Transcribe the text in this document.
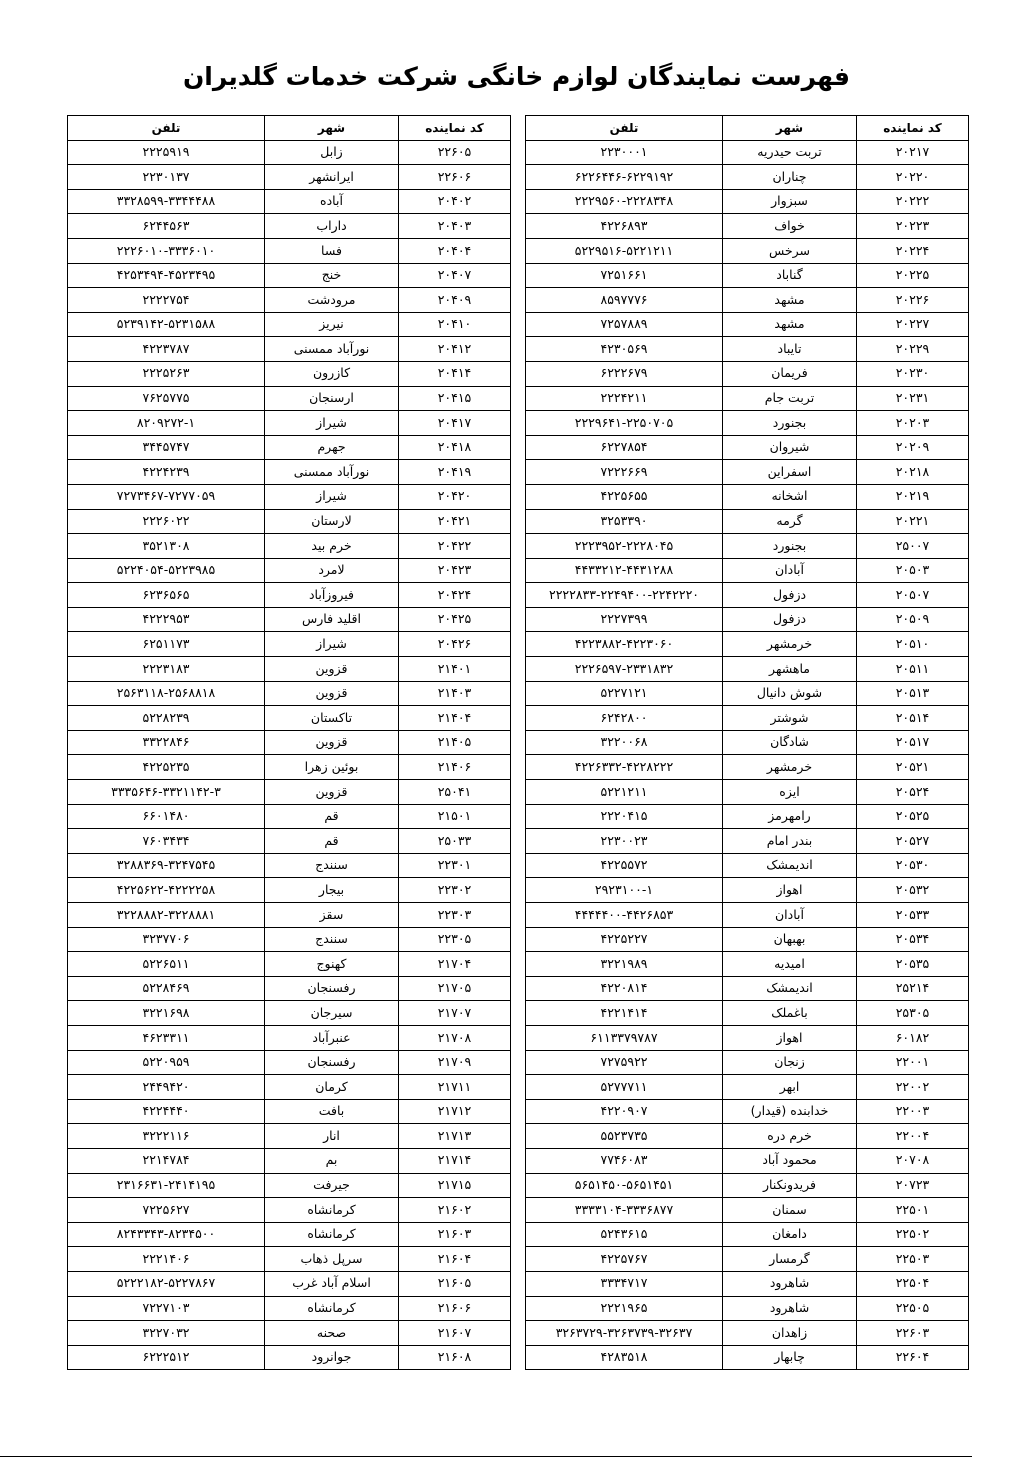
فهرست نمایندگان لوازم خانگی شرکت خدمات گلدیران
کد نماینده	شهر	تلفن
۲۰۲۱۷	تربت حیدریه	۲۲۳۰۰۰۱
۲۰۲۲۰	چناران	۶۲۲۶۴۴۶-۶۲۲۹۱۹۲
۲۰۲۲۲	سبزوار	۲۲۲۹۵۶۰-۲۲۲۸۳۴۸
۲۰۲۲۳	خواف	۴۲۲۶۸۹۳
۲۰۲۲۴	سرخس	۵۲۲۹۵۱۶-۵۲۲۱۲۱۱
۲۰۲۲۵	گناباد	۷۲۵۱۶۶۱
۲۰۲۲۶	مشهد	۸۵۹۷۷۷۶
۲۰۲۲۷	مشهد	۷۲۵۷۸۸۹
۲۰۲۲۹	تایباد	۴۲۳۰۵۶۹
۲۰۲۳۰	فریمان	۶۲۲۲۶۷۹
۲۰۲۳۱	تربت جام	۲۲۲۴۲۱۱
۲۰۲۰۳	بجنورد	۲۲۲۹۶۴۱-۲۲۵۰۷۰۵
۲۰۲۰۹	شیروان	۶۲۲۷۸۵۴
۲۰۲۱۸	اسفراین	۷۲۲۲۶۶۹
۲۰۲۱۹	اشخانه	۴۲۲۵۶۵۵
۲۰۲۲۱	گرمه	۳۲۵۳۳۹۰
۲۵۰۰۷	بجنورد	۲۲۲۳۹۵۲-۲۲۲۸۰۴۵
۲۰۵۰۳	آبادان	۴۴۳۳۲۱۲-۴۴۳۱۲۸۸
۲۰۵۰۷	دزفول	۲۲۲۲۸۳۳-۲۲۴۹۴۰۰-۲۲۴۲۲۲۰
۲۰۵۰۹	دزفول	۲۲۲۷۳۹۹
۲۰۵۱۰	خرمشهر	۴۲۲۳۸۸۲-۴۲۲۳۰۶۰
۲۰۵۱۱	ماهشهر	۲۲۲۶۵۹۷-۲۳۳۱۸۳۲
۲۰۵۱۳	شوش دانیال	۵۲۲۷۱۲۱
۲۰۵۱۴	شوشتر	۶۲۴۲۸۰۰
۲۰۵۱۷	شادگان	۳۲۲۰۰۶۸
۲۰۵۲۱	خرمشهر	۴۲۲۶۳۳۲-۴۲۲۸۲۲۲
۲۰۵۲۴	ایزه	۵۲۲۱۲۱۱
۲۰۵۲۵	رامهرمز	۲۲۲۰۴۱۵
۲۰۵۲۷	بندر امام	۲۲۳۰۰۲۳
۲۰۵۳۰	اندیمشک	۴۲۲۵۵۷۲
۲۰۵۳۲	اهواز	۲۹۲۳۱۰۰-۱
۲۰۵۳۳	آبادان	۴۴۴۴۴۰۰-۴۴۲۶۸۵۳
۲۰۵۳۴	بهبهان	۴۲۲۵۲۲۷
۲۰۵۳۵	امیدیه	۳۲۲۱۹۸۹
۲۵۲۱۴	اندیمشک	۴۲۲۰۸۱۴
۲۵۳۰۵	باغملک	۴۲۲۱۴۱۴
۶۰۱۸۲	اهواز	۶۱۱۳۳۷۹۷۸۷
۲۲۰۰۱	زنجان	۷۲۷۵۹۲۲
۲۲۰۰۲	ابهر	۵۲۷۷۷۱۱
۲۲۰۰۳	خدابنده (قیدار)	۴۲۲۰۹۰۷
۲۲۰۰۴	خرم دره	۵۵۲۳۷۳۵
۲۰۷۰۸	محمود آباد	۷۷۴۶۰۸۳
۲۰۷۲۳	فریدونکنار	۵۶۵۱۴۵۰-۵۶۵۱۴۵۱
۲۲۵۰۱	سمنان	۳۳۳۳۱۰۴-۳۳۳۶۸۷۷
۲۲۵۰۲	دامغان	۵۲۴۳۶۱۵
۲۲۵۰۳	گرمسار	۴۲۲۵۷۶۷
۲۲۵۰۴	شاهرود	۳۳۳۴۷۱۷
۲۲۵۰۵	شاهرود	۲۲۲۱۹۶۵
۲۲۶۰۳	زاهدان	۳۲۶۳۷۲۹-۳۲۶۳۷۳۹-۳۲۶۳۷
۲۲۶۰۴	چابهار	۴۲۸۳۵۱۸
کد نماینده	شهر	تلفن
۲۲۶۰۵	زابل	۲۲۲۵۹۱۹
۲۲۶۰۶	ایرانشهر	۲۲۳۰۱۳۷
۲۰۴۰۲	آباده	۳۳۲۸۵۹۹-۳۳۴۴۴۸۸
۲۰۴۰۳	داراب	۶۲۴۴۵۶۳
۲۰۴۰۴	فسا	۲۲۲۶۰۱۰-۳۳۳۶۰۱۰
۲۰۴۰۷	خنج	۴۲۵۳۴۹۴-۴۵۲۳۴۹۵
۲۰۴۰۹	مرودشت	۲۲۲۲۷۵۴
۲۰۴۱۰	نیریز	۵۲۳۹۱۴۲-۵۲۳۱۵۸۸
۲۰۴۱۲	نورآباد ممسنی	۴۲۲۳۷۸۷
۲۰۴۱۴	کازرون	۲۲۲۵۲۶۳
۲۰۴۱۵	ارسنجان	۷۶۲۵۷۷۵
۲۰۴۱۷	شیراز	۸۲۰۹۲۷۲-۱
۲۰۴۱۸	جهرم	۳۴۴۵۷۴۷
۲۰۴۱۹	نورآباد ممسنی	۴۲۲۴۲۳۹
۲۰۴۲۰	شیراز	۷۲۷۳۴۶۷-۷۲۷۷۰۵۹
۲۰۴۲۱	لارستان	۲۲۲۶۰۲۲
۲۰۴۲۲	خرم بید	۳۵۲۱۳۰۸
۲۰۴۲۳	لامرد	۵۲۲۴۰۵۴-۵۲۲۳۹۸۵
۲۰۴۲۴	فیروزآباد	۶۲۳۶۵۶۵
۲۰۴۲۵	اقلید فارس	۴۲۲۲۹۵۳
۲۰۴۲۶	شیراز	۶۲۵۱۱۷۳
۲۱۴۰۱	قزوین	۲۲۲۳۱۸۳
۲۱۴۰۳	قزوین	۲۵۶۳۱۱۸-۲۵۶۸۸۱۸
۲۱۴۰۴	تاکستان	۵۲۲۸۲۳۹
۲۱۴۰۵	قزوین	۳۳۲۲۸۴۶
۲۱۴۰۶	بوئین زهرا	۴۲۲۵۲۳۵
۲۵۰۴۱	قزوین	۳۳۳۵۶۴۶-۳۳۲۱۱۴۲-۳
۲۱۵۰۱	قم	۶۶۰۱۴۸۰
۲۵۰۳۳	قم	۷۶۰۳۴۳۴
۲۲۳۰۱	سنندج	۳۲۸۸۳۶۹-۳۲۴۷۵۴۵
۲۲۳۰۲	بیجار	۴۲۲۵۶۲۲-۴۲۲۲۲۵۸
۲۲۳۰۳	سقز	۳۲۲۸۸۸۲-۳۲۲۸۸۸۱
۲۲۳۰۵	سنندج	۳۲۳۷۷۰۶
۲۱۷۰۴	کهنوج	۵۲۲۶۵۱۱
۲۱۷۰۵	رفسنجان	۵۲۲۸۴۶۹
۲۱۷۰۷	سیرجان	۳۲۲۱۶۹۸
۲۱۷۰۸	عنبرآباد	۴۶۲۳۳۱۱
۲۱۷۰۹	رفسنجان	۵۲۲۰۹۵۹
۲۱۷۱۱	کرمان	۲۴۴۹۴۲۰
۲۱۷۱۲	بافت	۴۲۲۴۴۴۰
۲۱۷۱۳	انار	۳۲۲۲۱۱۶
۲۱۷۱۴	بم	۲۲۱۴۷۸۴
۲۱۷۱۵	جیرفت	۲۳۱۶۶۳۱-۲۴۱۴۱۹۵
۲۱۶۰۲	کرمانشاه	۷۲۲۵۶۲۷
۲۱۶۰۳	کرمانشاه	۸۲۴۳۳۴۳-۸۲۳۴۵۰۰
۲۱۶۰۴	سرپل ذهاب	۲۲۲۱۴۰۶
۲۱۶۰۵	اسلام آباد غرب	۵۲۲۲۱۸۲-۵۲۲۷۸۶۷
۲۱۶۰۶	کرمانشاه	۷۲۲۷۱۰۳
۲۱۶۰۷	صحنه	۳۲۲۷۰۳۲
۲۱۶۰۸	جوانرود	۶۲۲۲۵۱۲
